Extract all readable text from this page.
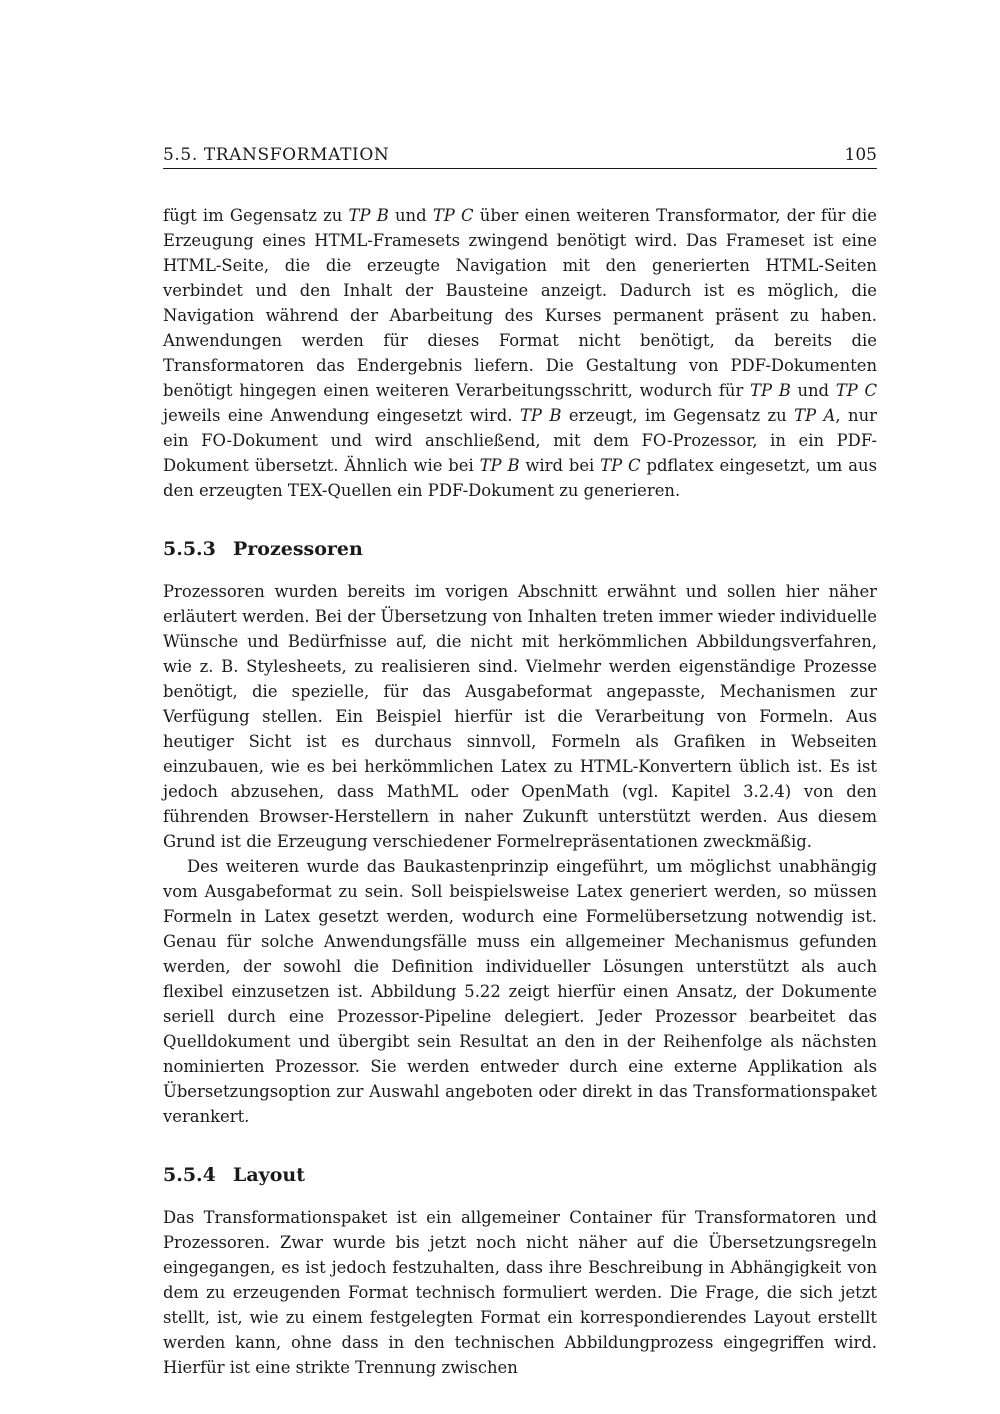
5.5. TRANSFORMATION	105

fügt im Gegensatz zu TP B und TP C über einen weiteren Transformator, der für die Erzeugung eines HTML-Framesets zwingend benötigt wird. Das Frameset ist eine HTML-Seite, die die erzeugte Navigation mit den generierten HTML-Seiten verbindet und den Inhalt der Bausteine anzeigt. Dadurch ist es möglich, die Navigation während der Abarbeitung des Kurses permanent präsent zu haben. Anwendungen werden für dieses Format nicht benötigt, da bereits die Transformatoren das Endergebnis liefern. Die Gestaltung von PDF-Dokumenten benötigt hingegen einen weiteren Verarbeitungsschritt, wodurch für TP B und TP C jeweils eine Anwendung eingesetzt wird. TP B erzeugt, im Gegensatz zu TP A, nur ein FO-Dokument und wird anschließend, mit dem FO-Prozessor, in ein PDF-Dokument übersetzt. Ähnlich wie bei TP B wird bei TP C pdflatex eingesetzt, um aus den erzeugten TEX-Quellen ein PDF-Dokument zu generieren.

5.5.3 Prozessoren

Prozessoren wurden bereits im vorigen Abschnitt erwähnt und sollen hier näher erläutert werden. Bei der Übersetzung von Inhalten treten immer wieder individuelle Wünsche und Bedürfnisse auf, die nicht mit herkömmlichen Abbildungsverfahren, wie z. B. Stylesheets, zu realisieren sind. Vielmehr werden eigenständige Prozesse benötigt, die spezielle, für das Ausgabeformat angepasste, Mechanismen zur Verfügung stellen. Ein Beispiel hierfür ist die Verarbeitung von Formeln. Aus heutiger Sicht ist es durchaus sinnvoll, Formeln als Grafiken in Webseiten einzubauen, wie es bei herkömmlichen Latex zu HTML-Konvertern üblich ist. Es ist jedoch abzusehen, dass MathML oder OpenMath (vgl. Kapitel 3.2.4) von den führenden Browser-Herstellern in naher Zukunft unterstützt werden. Aus diesem Grund ist die Erzeugung verschiedener Formelrepräsentationen zweckmäßig.

Des weiteren wurde das Baukastenprinzip eingeführt, um möglichst unabhängig vom Ausgabeformat zu sein. Soll beispielsweise Latex generiert werden, so müssen Formeln in Latex gesetzt werden, wodurch eine Formelübersetzung notwendig ist. Genau für solche Anwendungsfälle muss ein allgemeiner Mechanismus gefunden werden, der sowohl die Definition individueller Lösungen unterstützt als auch flexibel einzusetzen ist. Abbildung 5.22 zeigt hierfür einen Ansatz, der Dokumente seriell durch eine Prozessor-Pipeline delegiert. Jeder Prozessor bearbeitet das Quelldokument und übergibt sein Resultat an den in der Reihenfolge als nächsten nominierten Prozessor. Sie werden entweder durch eine externe Applikation als Übersetzungsoption zur Auswahl angeboten oder direkt in das Transformationspaket verankert.

5.5.4 Layout

Das Transformationspaket ist ein allgemeiner Container für Transformatoren und Prozessoren. Zwar wurde bis jetzt noch nicht näher auf die Übersetzungsregeln eingegangen, es ist jedoch festzuhalten, dass ihre Beschreibung in Abhängigkeit von dem zu erzeugenden Format technisch formuliert werden. Die Frage, die sich jetzt stellt, ist, wie zu einem festgelegten Format ein korrespondierendes Layout erstellt werden kann, ohne dass in den technischen Abbildungprozess eingegriffen wird. Hierfür ist eine strikte Trennung zwischen
